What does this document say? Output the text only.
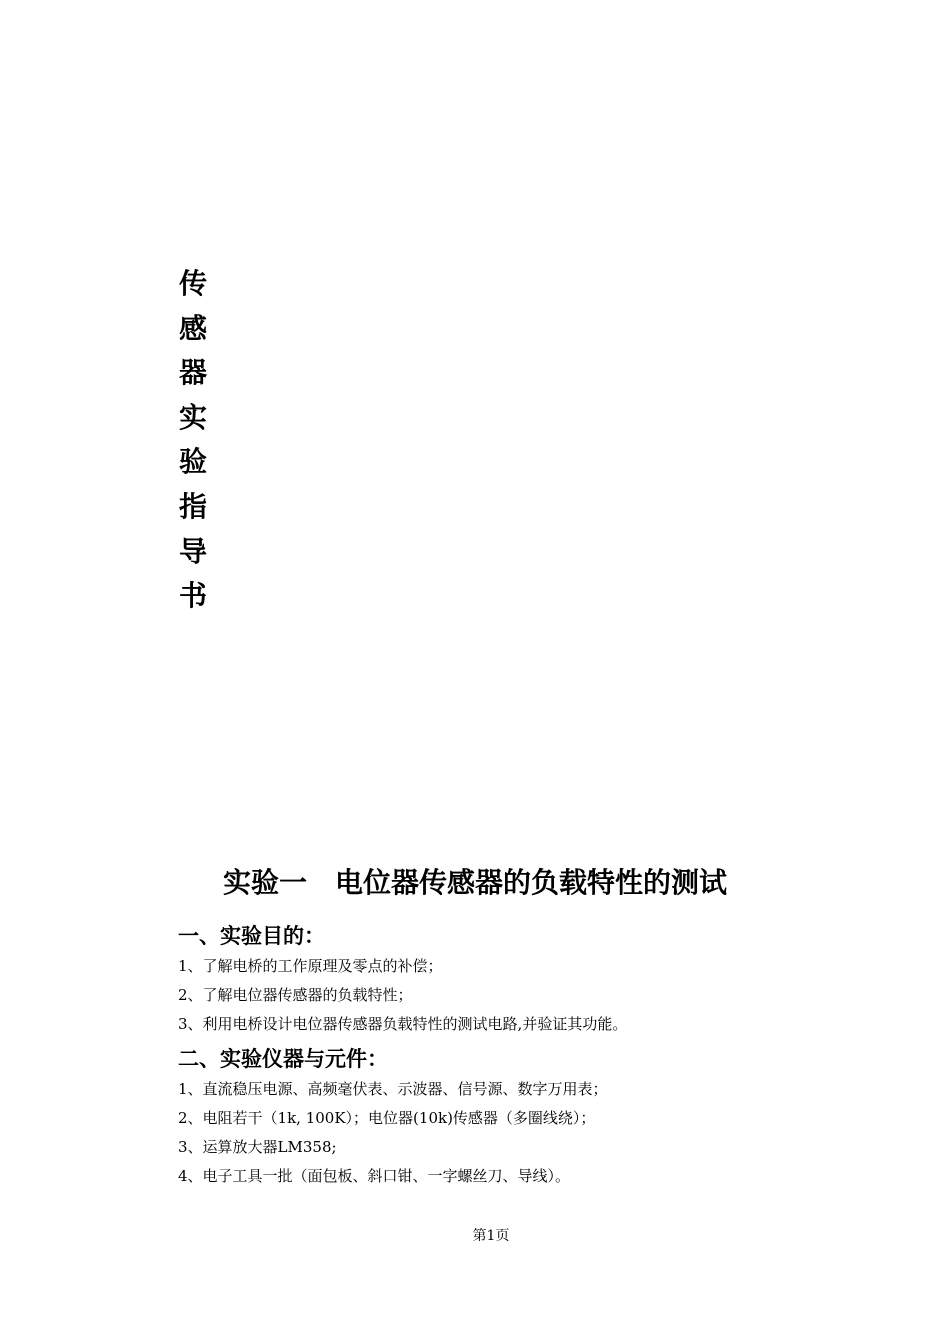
传
感
器
实
验
指
导
书
实验一　电位器传感器的负载特性的测试
一、实验目的：
1、了解电桥的工作原理及零点的补偿；
2、了解电位器传感器的负载特性；
3、利用电桥设计电位器传感器负载特性的测试电路,并验证其功能。
二、实验仪器与元件：
1、直流稳压电源、高频毫伏表、示波器、信号源、数字万用表；
2、电阻若干（1k, 100K）；电位器(10k)传感器（多圈线绕）；
3、运算放大器LM358;
4、电子工具一批（面包板、斜口钳、一字螺丝刀、导线）。
第1页
